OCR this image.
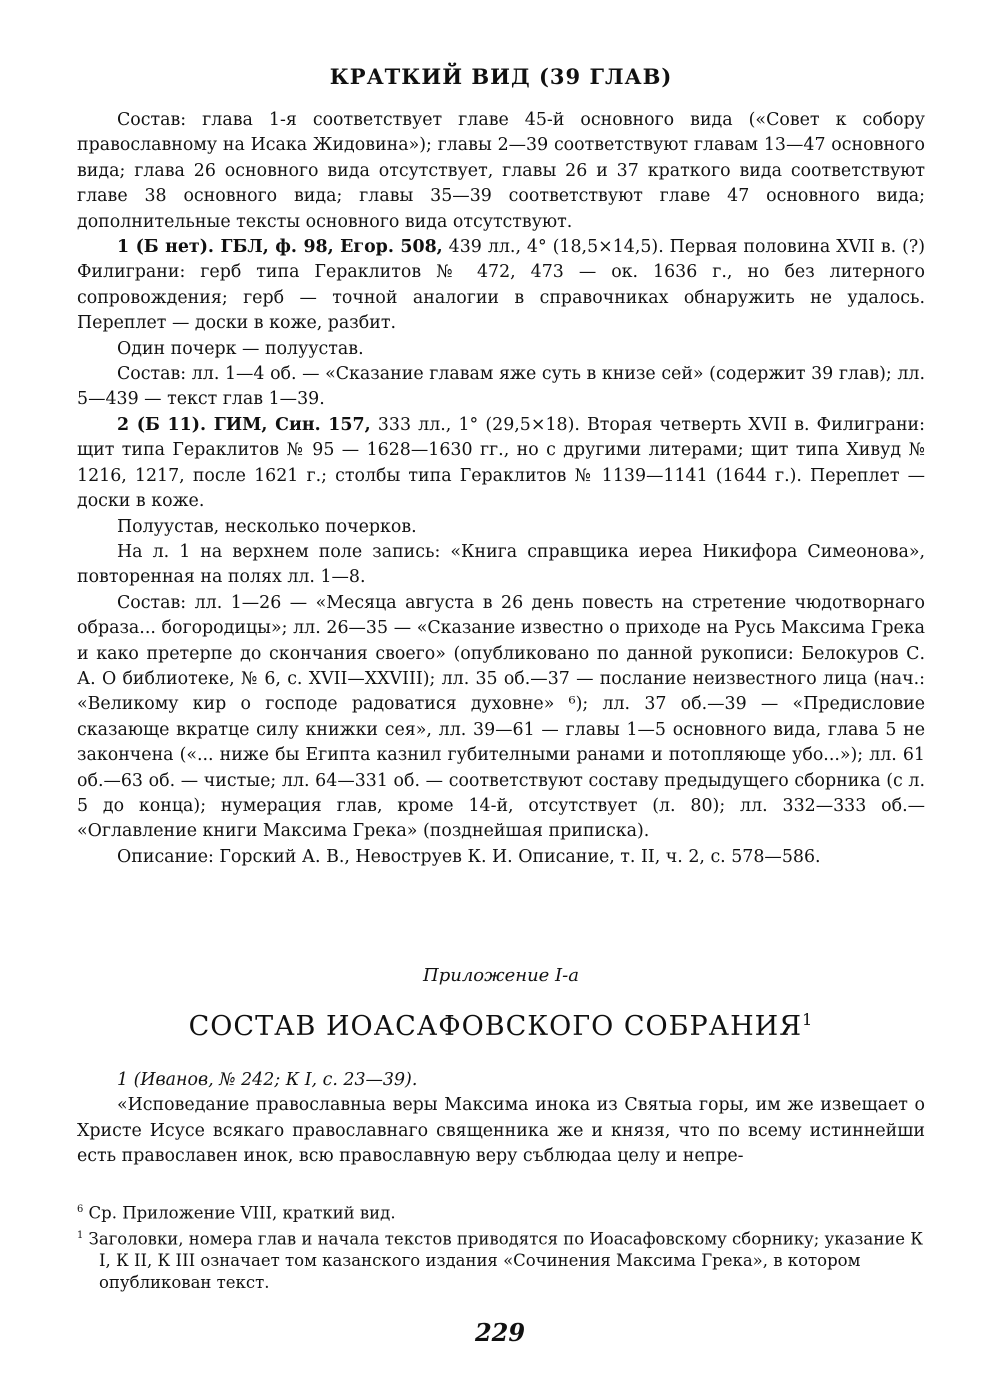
КРАТКИЙ ВИД (39 ГЛАВ)

Состав: глава 1-я соответствует главе 45-й основного вида («Совет к собору православному на Исака Жидовина»); главы 2—39 соответствуют главам 13—47 основного вида; глава 26 основного вида отсутствует, главы 26 и 37 краткого вида соответствуют главе 38 основного вида; главы 35—39 соответствуют главе 47 основного вида; дополнительные тексты основного вида отсутствуют.

1 (Б нет). ГБЛ, ф. 98, Егор. 508, 439 лл., 4° (18,5×14,5). Первая половина XVII в. (?) Филиграни: герб типа Гераклитов № 472, 473 — ок. 1636 г., но без литерного сопровождения; герб — точной аналогии в справочниках обнаружить не удалось. Переплет — доски в коже, разбит.

Один почерк — полуустав.

Состав: лл. 1—4 об. — «Сказание главам яже суть в книзе сей» (содержит 39 глав); лл. 5—439 — текст глав 1—39.

2 (Б 11). ГИМ, Син. 157, 333 лл., 1° (29,5×18). Вторая четверть XVII в. Филиграни: щит типа Гераклитов № 95 — 1628—1630 гг., но с другими литерами; щит типа Хивуд № 1216, 1217, после 1621 г.; столбы типа Гераклитов № 1139—1141 (1644 г.). Переплет — доски в коже.

Полуустав, несколько почерков.

На л. 1 на верхнем поле запись: «Книга справщика иереа Никифора Симеонова», повторенная на полях лл. 1—8.

Состав: лл. 1—26 — «Месяца августа в 26 день повесть на стретение чюдотворнаго образа... богородицы»; лл. 26—35 — «Сказание известно о приходе на Русь Максима Грека и како претерпе до скончания своего» (опубликовано по данной рукописи: Белокуров С. А. О библиотеке, № 6, с. XVII—XXVIII); лл. 35 об.—37 — послание неизвестного лица (нач.: «Великому кир о господе радоватися духовне» ⁶); лл. 37 об.—39 — «Предисловие сказающе вкратце силу книжки сея», лл. 39—61 — главы 1—5 основного вида, глава 5 не закончена («... ниже бы Египта казнил губителными ранами и потопляюще убо...»); лл. 61 об.—63 об. — чистые; лл. 64—331 об. — соответствуют составу предыдущего сборника (с л. 5 до конца); нумерация глав, кроме 14-й, отсутствует (л. 80); лл. 332—333 об.— «Оглавление книги Максима Грека» (позднейшая приписка).

Описание: Горский А. В., Невоструев К. И. Описание, т. II, ч. 2, с. 578—586.

Приложение I-а
СОСТАВ ИОАСАФОВСКОГО СОБРАНИЯ$^1$

1 (Иванов, № 242; К I, с. 23—39).

«Исповедание православныа веры Максима инока из Святыа горы, им же извещает о Христе Исусе всякаго православнаго священника же и князя, что по всему истиннейши есть православен инок, всю православную веру съблюдаа целу и непре-

$^6$ Ср. Приложение VIII, краткий вид.

$^1$ Заголовки, номера глав и начала текстов приводятся по Иоасафовскому сборнику; указание К I, К II, К III означает том казанского издания «Сочинения Максима Грека», в котором опубликован текст.

229
